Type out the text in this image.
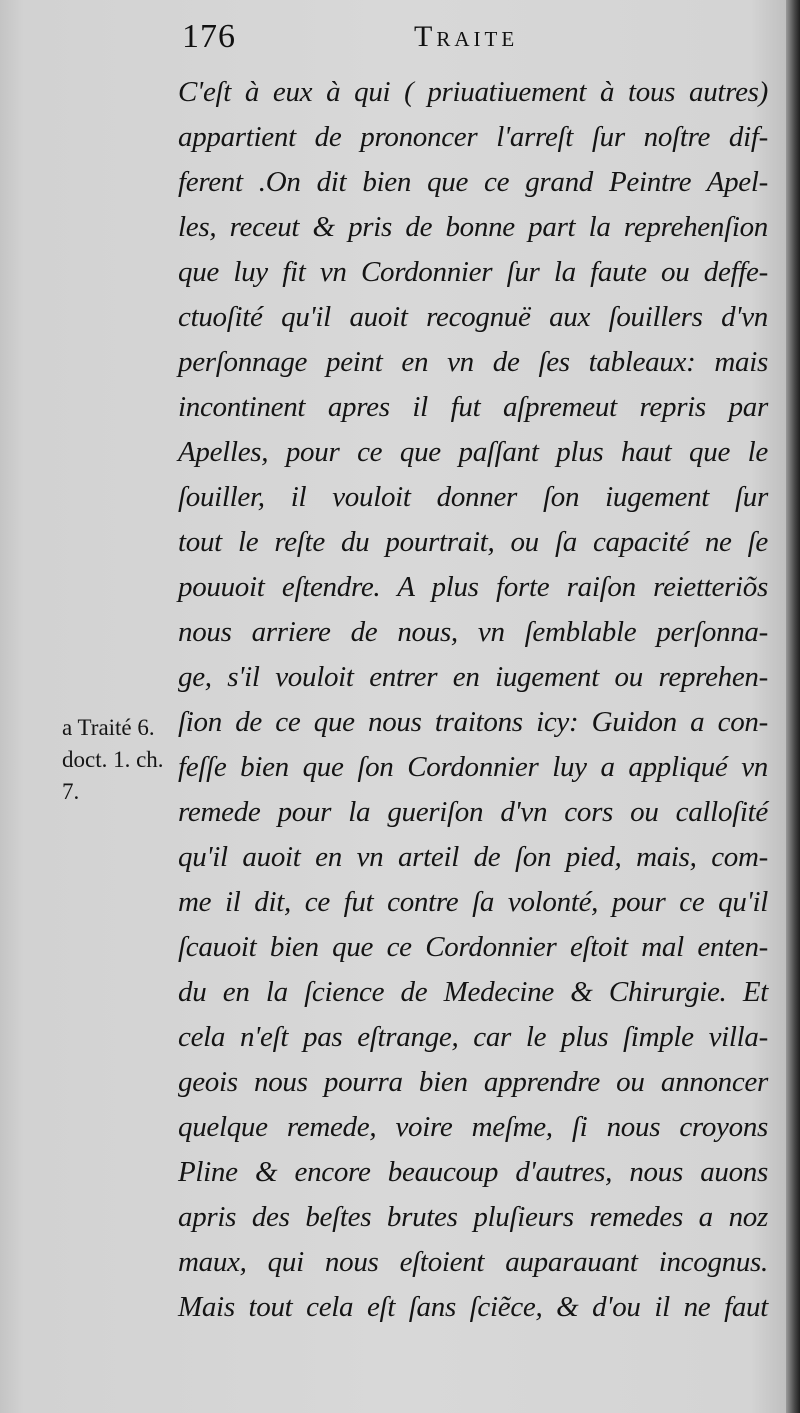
176	Traite
C'eſt à eux à qui ( priuatiuement à tous autres)
appartient de prononcer l'arreſt ſur noſtre dif-
ferent .On dit bien que ce grand Peintre Apel-
les, receut & pris de bonne part la reprehenſion
que luy fit vn Cordonnier ſur la faute ou deffe-
ctuoſité qu'il auoit recognuë aux ſouillers d'vn
perſonnage peint en vn de ſes tableaux: mais
incontinent apres il fut aſpremeut repris par
Apelles, pour ce que paſſant plus haut que le
ſouiller, il vouloit donner ſon iugement ſur
tout le reſte du pourtrait, ou ſa capacité ne ſe
pouuoit eſtendre. A plus forte raiſon reietteriõs
nous arriere de nous, vn ſemblable perſonna-
ge, s'il vouloit entrer en iugement ou reprehen-
ſion de ce que nous traitons icy: Guidon a con-
feſſe bien que ſon Cordonnier luy a appliqué vn
remede pour la gueriſon d'vn cors ou calloſité
qu'il auoit en vn arteil de ſon pied, mais, com-
me il dit, ce fut contre ſa volonté, pour ce qu'il
ſcauoit bien que ce Cordonnier eſtoit mal enten-
du en la ſcience de Medecine & Chirurgie. Et
cela n'eſt pas eſtrange, car le plus ſimple villa-
geois nous pourra bien apprendre ou annoncer
quelque remede, voire meſme, ſi nous croyons
Pline & encore beaucoup d'autres, nous auons
apris des beſtes brutes pluſieurs remedes a noz
maux, qui nous eſtoient auparauant incognus.
Mais tout cela eſt ſans ſciẽce, & d'ou il ne faut
a Traité 6.
doct. 1. ch.
7.
